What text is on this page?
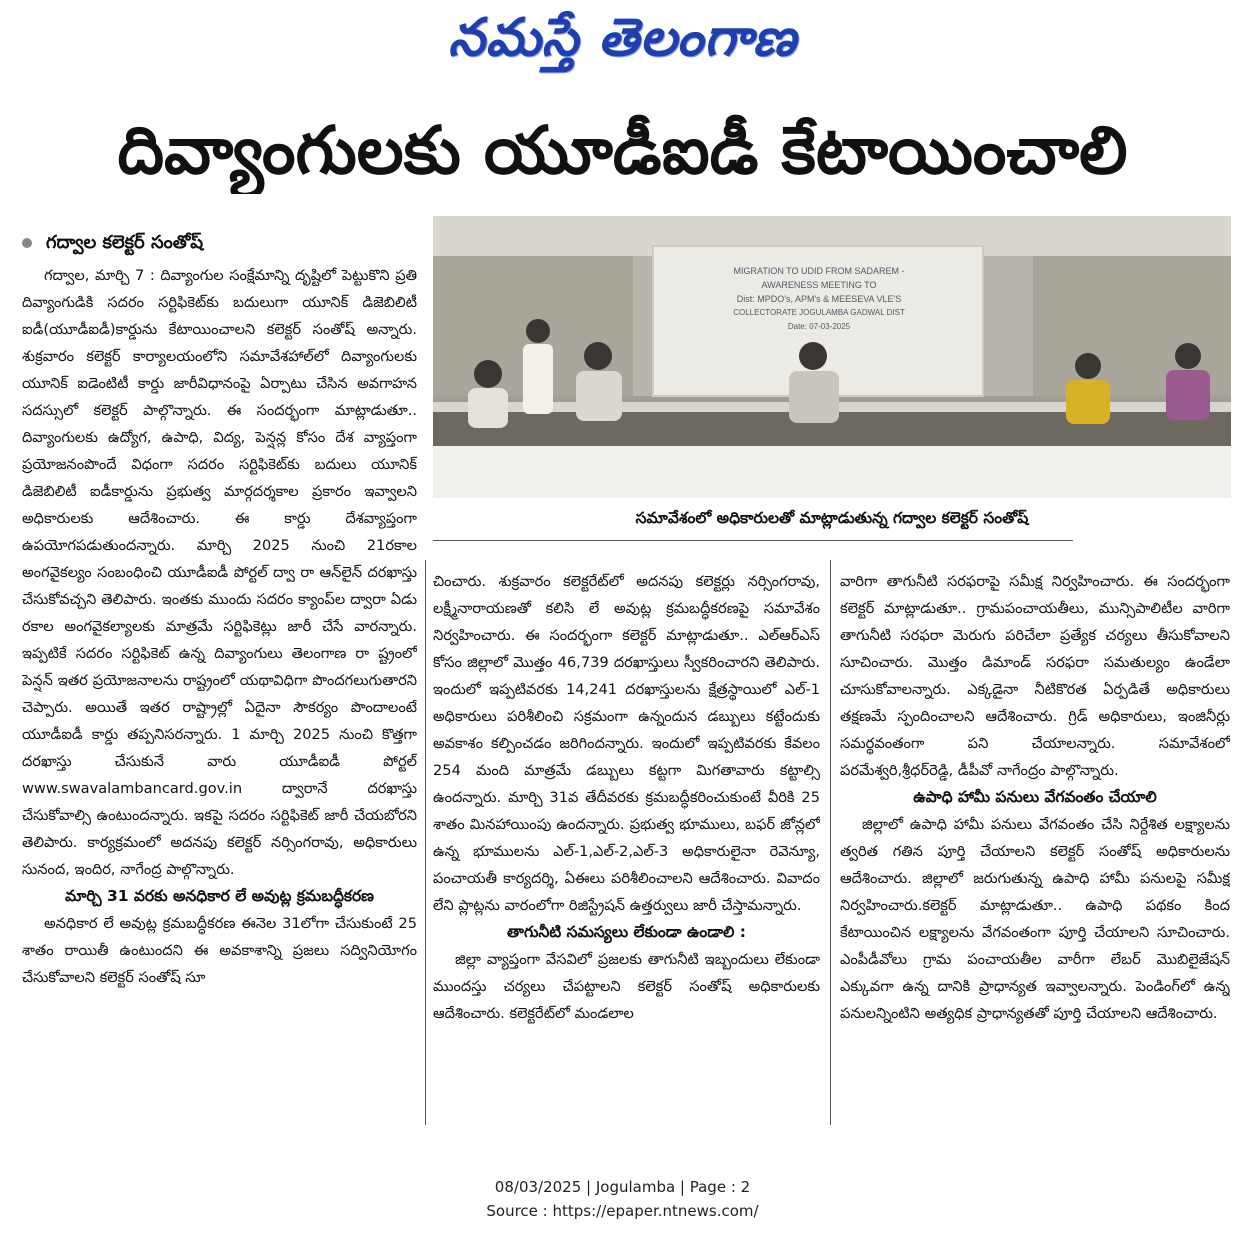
నమస్తే తెలంగాణ
దివ్యాంగులకు యూడీఐడీ కేటాయించాలి
గద్వాల కలెక్టర్ సంతోష్
MIGRATION TO UDID FROM SADAREM -
AWARENESS MEETING TO
Dist: MPDO's, APM's & MEESEVA VLE'S
COLLECTORATE JOGULAMBA GADWAL DIST
Date: 07-03-2025
సమావేశంలో అధికారులతో మాట్లాడుతున్న గద్వాల కలెక్టర్ సంతోష్

గద్వాల, మార్చి 7 : దివ్యాంగుల సంక్షేమాన్ని దృష్టిలో పెట్టుకొని ప్రతి దివ్యాంగుడికి సదరం సర్టిఫికెట్‌కు బదులుగా యూనిక్ డిజెబిలిటీ ఐడీ(యూడీఐడీ)కార్డును కేటాయించాలని కలెక్టర్ సంతోష్ అన్నారు. శుక్రవారం కలెక్టర్ కార్యాలయంలోని సమావేశహాల్‌లో దివ్యాంగులకు యూనిక్ ఐడెంటిటీ కార్డు జారీవిధానంపై ఏర్పాటు చేసిన అవగాహన సదస్సులో కలెక్టర్ పాల్గొన్నారు. ఈ సందర్భంగా మాట్లాడుతూ.. దివ్యాంగులకు ఉద్యోగ, ఉపాధి, విద్య, పెన్షన్ల కోసం దేశ వ్యాప్తంగా ప్రయోజనంపొందే విధంగా సదరం సర్టిఫికెట్‌కు బదులు యూనిక్ డిజెబిలిటీ ఐడీకార్డును ప్రభుత్వ మార్గదర్శకాల ప్రకారం ఇవ్వాలని అధికారులకు ఆదేశించారు. ఈ కార్డు దేశవ్యాప్తంగా ఉపయోగపడుతుందన్నారు. మార్చి 2025 నుంచి 21రకాల అంగవైకల్యం సంబంధించి యూడీఐడీ పోర్టల్ ద్వా రా ఆన్‌లైన్ దరఖాస్తు చేసుకోవచ్చని తెలిపారు. ఇంతకు ముందు సదరం క్యాంప్‌ల ద్వారా ఏడు రకాల అంగవైకల్యాలకు మాత్రమే సర్టిఫికెట్లు జారీ చేసే వారన్నారు. ఇప్పటికే సదరం సర్టిఫికెట్ ఉన్న దివ్యాంగులు తెలంగాణ రా ష్ట్రంలో పెన్షన్ ఇతర ప్రయోజనాలను రాష్ట్రంలో యథావిధిగా పొందగలుగుతారని చెప్పారు. అయితే ఇతర రాష్ట్రాల్లో ఏదైనా సౌకర్యం పొందాలంటే యూడీఐడీ కార్డు తప్పనిసరన్నారు. 1 మార్చి 2025 నుంచి కొత్తగా దరఖాస్తు చేసుకునే వారు యూడీఐడీ పోర్టల్ www.swavalambancard.gov.in ద్వారానే దరఖాస్తు చేసుకోవాల్సి ఉంటుందన్నారు. ఇకపై సదరం సర్టిఫికెట్ జారీ చేయబోరని తెలిపారు. కార్యక్రమంలో అదనపు కలెక్టర్ నర్సింగరావు, అధికారులు సునంద, ఇందిర, నాగేంద్ర పాల్గొన్నారు.

మార్చి 31 వరకు అనధికార లే అవుట్ల క్రమబద్ధీకరణ

అనధికార లే అవుట్ల క్రమబద్ధీకరణ ఈనెల 31లోగా చేసుకుంటే 25 శాతం రాయితీ ఉంటుందని ఈ అవకాశాన్ని ప్రజలు సద్వినియోగం చేసుకోవాలని కలెక్టర్ సంతోష్ సూ

చించారు. శుక్రవారం కలెక్టరేట్‌లో అదనపు కలెక్టర్లు నర్సింగరావు, లక్ష్మీనారాయణతో కలిసి లే అవుట్ల క్రమబద్ధీకరణపై సమావేశం నిర్వహించారు. ఈ సందర్భంగా కలెక్టర్ మాట్లాడుతూ.. ఎల్ఆర్ఎస్ కోసం జిల్లాలో మొత్తం 46,739 దరఖాస్తులు స్వీకరించారని తెలిపారు. ఇందులో ఇప్పటివరకు 14,241 దరఖాస్తులను క్షేత్రస్థాయిలో ఎల్-1 అధికారులు పరిశీలించి సక్రమంగా ఉన్నందున డబ్బులు కట్టేందుకు అవకాశం కల్పించడం జరిగిందన్నారు. ఇందులో ఇప్పటివరకు కేవలం 254 మంది మాత్రమే డబ్బులు కట్టగా మిగతావారు కట్టాల్సి ఉందన్నారు. మార్చి 31వ తేదీవరకు క్రమబద్ధీకరించుకుంటే వీరికి 25 శాతం మినహాయింపు ఉందన్నారు. ప్రభుత్వ భూములు, బఫర్ జోన్లలో ఉన్న భూములను ఎల్-1,ఎల్-2,ఎల్-3 అధికారులైనా రెవెన్యూ, పంచాయతీ కార్యదర్శి, ఏఈలు పరిశీలించాలని ఆదేశించారు. వివాదం లేని ప్లాట్లను వారంలోగా రిజిస్ట్రేషన్ ఉత్తర్వులు జారీ చేస్తామన్నారు.

తాగునీటి సమస్యలు లేకుండా ఉండాలి :

జిల్లా వ్యాప్తంగా వేసవిలో ప్రజలకు తాగునీటి ఇబ్బందులు లేకుండా ముందస్తు చర్యలు చేపట్టాలని కలెక్టర్ సంతోష్ అధికారులకు ఆదేశించారు. కలెక్టరేట్‌లో మండలాల

వారిగా తాగునీటి సరఫరాపై సమీక్ష నిర్వహించారు. ఈ సందర్భంగా కలెక్టర్ మాట్లాడుతూ.. గ్రామపంచాయతీలు, మున్సిపాలిటీల వారిగా తాగునీటి సరఫరా మెరుగు పరిచేలా ప్రత్యేక చర్యలు తీసుకోవాలని సూచించారు. మొత్తం డిమాండ్ సరఫరా సమతుల్యం ఉండేలా చూసుకోవాలన్నారు. ఎక్కడైనా నీటికొరత ఏర్పడితే అధికారులు తక్షణమే స్పందించాలని ఆదేశించారు. గ్రిడ్ అధికారులు, ఇంజినీర్లు సమర్థవంతంగా పని చేయాలన్నారు. సమావేశంలో పరమేశ్వరి,శ్రీధర్‌రెడ్డి, డీపీవో నాగేంద్రం పాల్గొన్నారు.

ఉపాధి హామీ పనులు వేగవంతం చేయాలి

జిల్లాలో ఉపాధి హామీ పనులు వేగవంతం చేసి నిర్దేశిత లక్ష్యాలను త్వరిత గతిన పూర్తి చేయాలని కలెక్టర్ సంతోష్ అధికారులను ఆదేశించారు. జిల్లాలో జరుగుతున్న ఉపాధి హామీ పనులపై సమీక్ష నిర్వహించారు.కలెక్టర్ మాట్లాడుతూ.. ఉపాధి పథకం కింద కేటాయించిన లక్ష్యాలను వేగవంతంగా పూర్తి చేయాలని సూచించారు. ఎంపీడీవోలు గ్రామ పంచాయతీల వారీగా లేబర్ మొబిలైజేషన్ ఎక్కువగా ఉన్న దానికి ప్రాధాన్యత ఇవ్వాలన్నారు. పెండింగ్‌లో ఉన్న పనులన్నింటిని అత్యధిక ప్రాధాన్యతతో పూర్తి చేయాలని ఆదేశించారు.

08/03/2025 | Jogulamba | Page : 2
Source : https://epaper.ntnews.com/
